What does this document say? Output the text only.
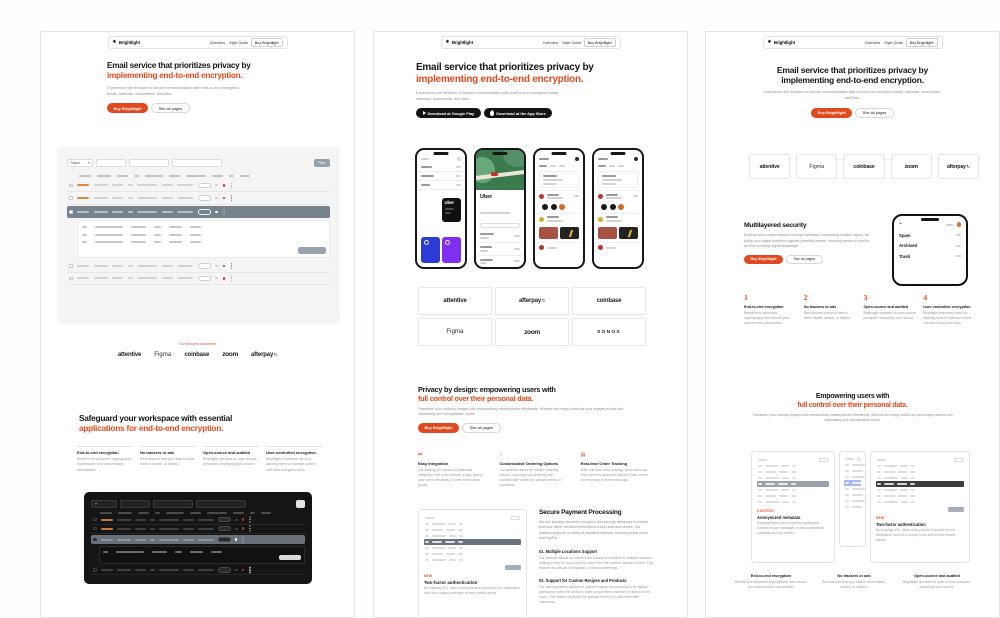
✱ Brightlight	Overview Style Guide	Buy Brightlight
Email service that prioritizes privacy by
implementing end-to-end encryption.
Experience the freedom of secure communication with end-to-end encrypted email, calendar, documents, and files.
Buy Brightlight	See all pages
Status	Filter
Our beloved customers
attentive Figma coinbase zoom afterpay↻
Safeguard your workspace with essential
applications for end-to-end encryption.
End-to-end encryption
Benefit from advanced cryptography that ensures your data remains inaccessible.
No trackers or ads
Rest assured that your data is never traded, shared, or utilized.
Open-source and audited
Brightlight operates on open-source principles, employing open source.
User-controlled encryption
Brightlight empowers users by allowing them to maintain control over their encryption keys.
✱ Brightlight	Overview Style Guide	Buy Brightlight
Email service that prioritizes privacy by
implementing end-to-end encryption.
Experience the freedom of secure communication with end-to-end encrypted email, calendar, documents, and files.
Download at Google Play	Download at the App Store
Uber
Uber
attentive	afterpay↻	coinbase
Figma	zoom	SONOS
Privacy by design: empowering users with
full control over their personal data.
Transform your ordinary images into extraordinary masterpieces effortlessly. Witness the magic unfold as your images evolve into captivating and unforgettable works
Buy Brightlight	See all pages
⇄
Easy Integration
Our leading API allows for seamless integration with your website or app, giving your users the ability to order from baked goods.
◔
Customizable Ordering Options
Our platform allows for flexible ordering options, including bulk ordering and customizable orders for special events or occasions.
▤
Real-time Order Tracking
With real-time order tracking, your users can stay informed about the status of their orders at every step of everyones way.
NEW
Two-factor authentication
By enabling 2FA, users must provide a second form of verification, such as a unique code sent to their mobile device.
Secure Payment Processing
We use industry-standard encryption and security measures to ensure that your users' sensitive information is kept safe and secure. Our platform supports a variety of payment methods, including credit cards and PayPal.
01. Multiple Locations Support
Our platform allows for orders to be placed and fulfilled at multiple locations, making it easy for your users to order from the location closest to them. This feature also allows for regional or seasonal offerings.
02. Support for Custom Recipes and Products
Our baking platform allows for custom recipes and products to be added, giving your users the ability to order unique items that are not listed on the menu. This feature is perfect for special events or to accommodate customers.
✱ Brightlight	Overview Style Guide	Buy Brightlight
Email service that prioritizes privacy by
implementing end-to-end encryption.
Experience the freedom of secure communication with end-to-end encrypted email, calendar, documents, and files.
Buy Brightlight	See all pages
attentive	Figma	coinbase	zoom	afterpay↻
Multilayered security
Employing a comprehensive security framework comprising multiple layers, we fortify your digital presence against potential threats, ensuring peace of mind in an ever-evolving digital landscape.
Buy Brightlight	See all pages
+
Spam
Archived
Trash
1
End-to-end encryption
Benefit from advanced cryptography that ensures your data remains inaccessible.
2
No trackers or ads
Rest assured that your data is never traded, shared, or utilized.
3
Open-source and audited
Brightlight operates on open-source principles, employing open source.
4
User-controlled encryption
Brightlight empowers users by allowing them to maintain control over their encryption keys.
Empowering users with
full control over their personal data.
Transform your ordinary images into extraordinary masterpieces effortlessly. Witness the magic unfold as your images evolve into captivating and unforgettable works.
CONTENT
Anonymized metadata
Brightlight goes beyond just encrypting the content of your messages; it also anonymizes metadata such as sender
NEW
Two-factor authentication
By enabling 2FA, users must provide a second form of verification, such as a unique code sent to their mobile device.
End-to-end encryption
Benefit from advanced cryptography that ensures your data remains inaccessible.
No trackers or ads
Rest assured that your data is never traded, shared, or utilized.
Open-source and audited
Brightlight operates on open-source principles, employing open source.
